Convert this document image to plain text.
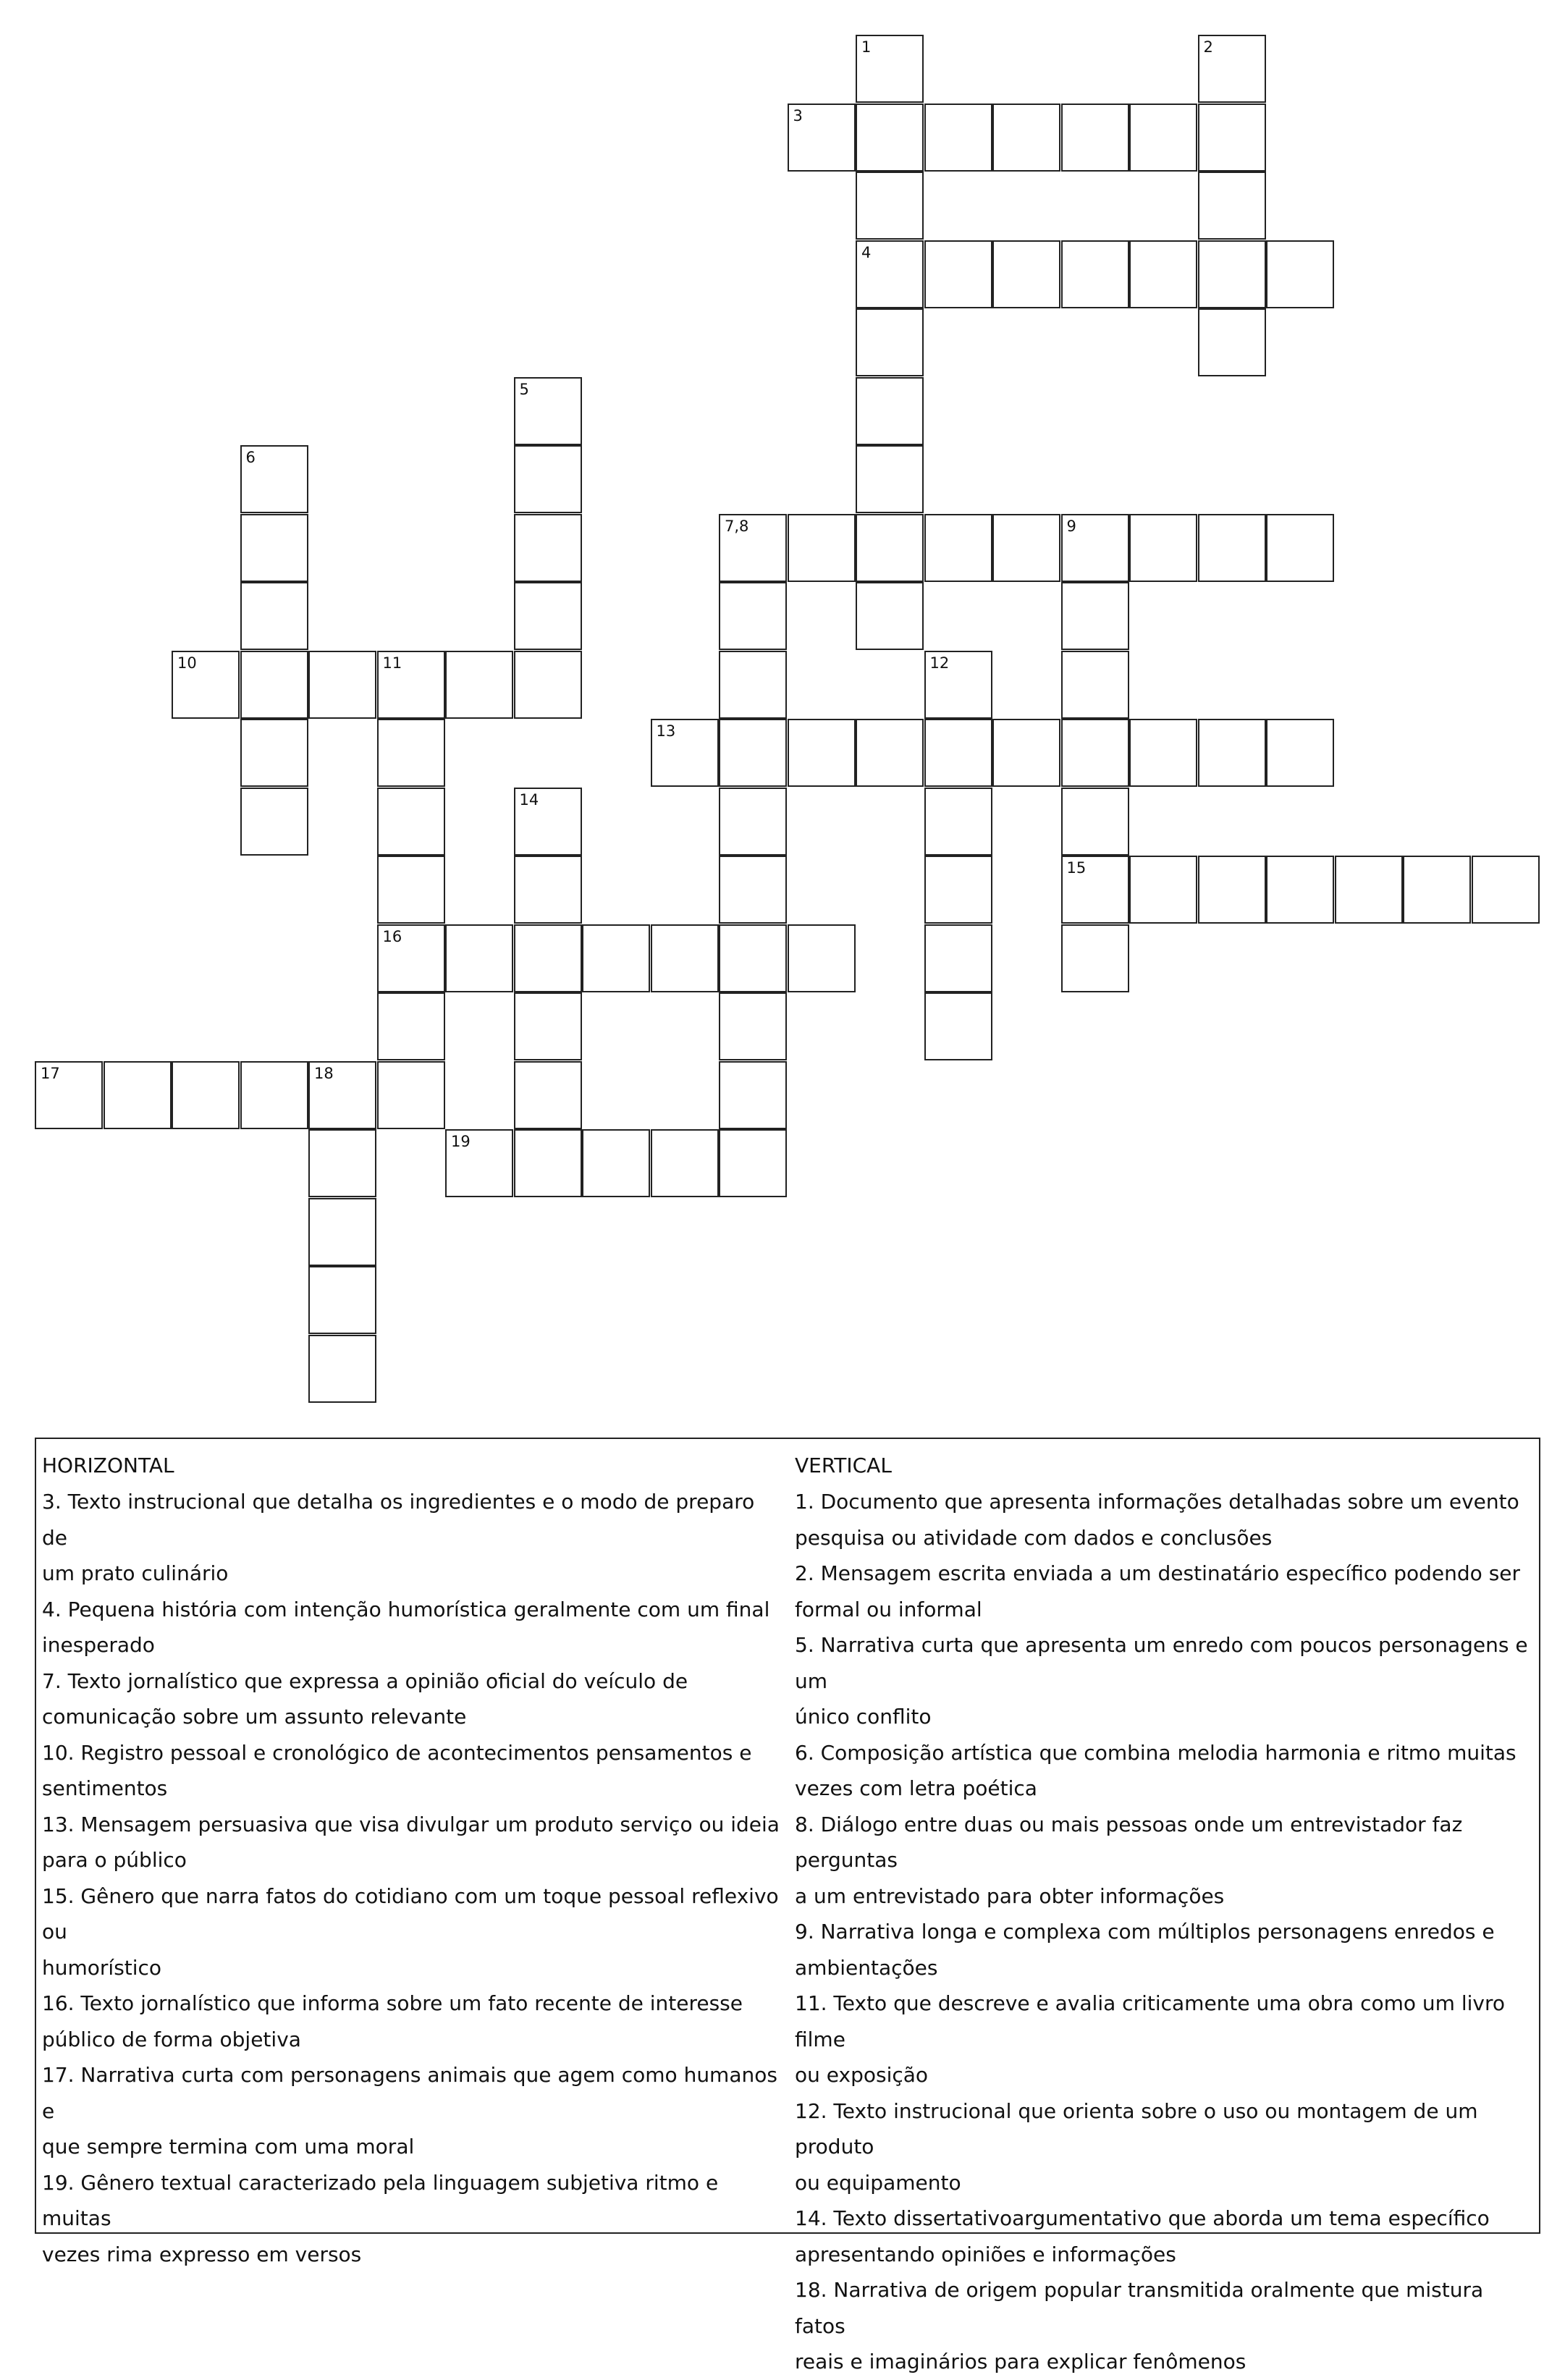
1	2
3
4
5
6
7,8	9
10	11	12
13
14
15
16
17	18
19
HORIZONTAL
3. Texto instrucional que detalha os ingredientes e o modo de preparo de
um prato culinário
4. Pequena história com intenção humorística geralmente com um final
inesperado
7. Texto jornalístico que expressa a opinião oficial do veículo de
comunicação sobre um assunto relevante
10. Registro pessoal e cronológico de acontecimentos pensamentos e
sentimentos
13. Mensagem persuasiva que visa divulgar um produto serviço ou ideia
para o público
15. Gênero que narra fatos do cotidiano com um toque pessoal reflexivo ou
humorístico
16. Texto jornalístico que informa sobre um fato recente de interesse
público de forma objetiva
17. Narrativa curta com personagens animais que agem como humanos e
que sempre termina com uma moral
19. Gênero textual caracterizado pela linguagem subjetiva ritmo e muitas
vezes rima expresso em versos
VERTICAL
1. Documento que apresenta informações detalhadas sobre um evento
pesquisa ou atividade com dados e conclusões
2. Mensagem escrita enviada a um destinatário específico podendo ser
formal ou informal
5. Narrativa curta que apresenta um enredo com poucos personagens e um
único conflito
6. Composição artística que combina melodia harmonia e ritmo muitas
vezes com letra poética
8. Diálogo entre duas ou mais pessoas onde um entrevistador faz perguntas
a um entrevistado para obter informações
9. Narrativa longa e complexa com múltiplos personagens enredos e
ambientações
11. Texto que descreve e avalia criticamente uma obra como um livro filme
ou exposição
12. Texto instrucional que orienta sobre o uso ou montagem de um produto
ou equipamento
14. Texto dissertativoargumentativo que aborda um tema específico
apresentando opiniões e informações
18. Narrativa de origem popular transmitida oralmente que mistura fatos
reais e imaginários para explicar fenômenos
